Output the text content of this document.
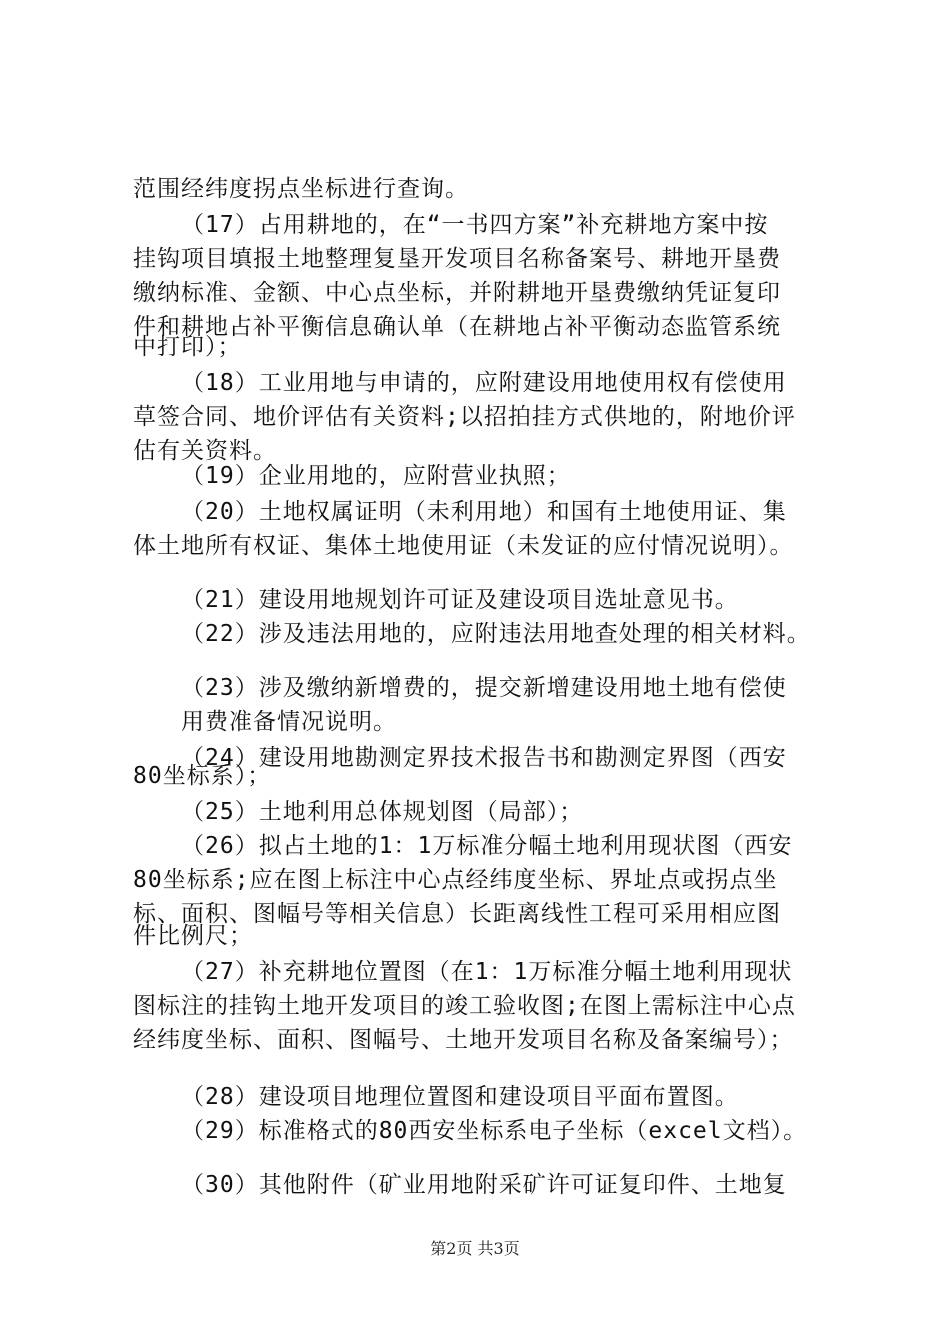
范围经纬度拐点坐标进行查询。
（17）占用耕地的，在“一书四方案”补充耕地方案中按
挂钩项目填报土地整理复垦开发项目名称备案号、耕地开垦费
缴纳标准、金额、中心点坐标，并附耕地开垦费缴纳凭证复印
件和耕地占补平衡信息确认单（在耕地占补平衡动态监管系统
中打印）；
（18）工业用地与申请的，应附建设用地使用权有偿使用
草签合同、地价评估有关资料;以招拍挂方式供地的，附地价评
估有关资料。
（19）企业用地的，应附营业执照；
（20）土地权属证明（未利用地）和国有土地使用证、集
体土地所有权证、集体土地使用证（未发证的应付情况说明）。
（21）建设用地规划许可证及建设项目选址意见书。
（22）涉及违法用地的，应附违法用地查处理的相关材料。
（23）涉及缴纳新增费的，提交新增建设用地土地有偿使
用费准备情况说明。
（24）建设用地勘测定界技术报告书和勘测定界图（西安
80坐标系）；
（25）土地利用总体规划图（局部）；
（26）拟占土地的1：1万标准分幅土地利用现状图（西安
80坐标系;应在图上标注中心点经纬度坐标、界址点或拐点坐
标、面积、图幅号等相关信息）长距离线性工程可采用相应图
件比例尺；
（27）补充耕地位置图（在1：1万标准分幅土地利用现状
图标注的挂钩土地开发项目的竣工验收图;在图上需标注中心点
经纬度坐标、面积、图幅号、土地开发项目名称及备案编号）；
（28）建设项目地理位置图和建设项目平面布置图。
（29）标准格式的80西安坐标系电子坐标（excel文档）。
（30）其他附件（矿业用地附采矿许可证复印件、土地复
第2页 共3页
